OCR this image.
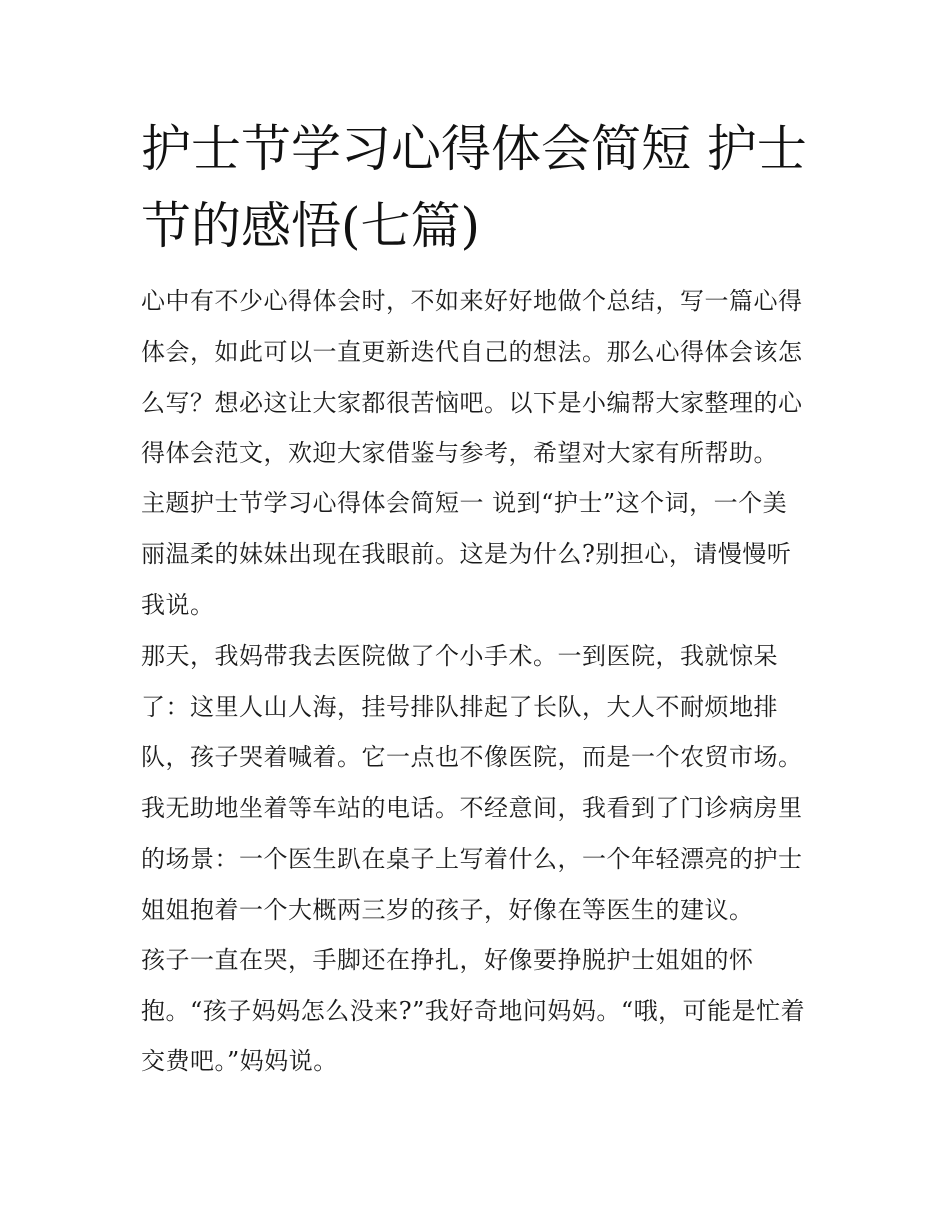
护士节学习心得体会简短 护士
节的感悟(七篇)

心中有不少心得体会时，不如来好好地做个总结，写一篇心得

体会，如此可以一直更新迭代自己的想法。那么心得体会该怎

么写？想必这让大家都很苦恼吧。以下是小编帮大家整理的心

得体会范文，欢迎大家借鉴与参考，希望对大家有所帮助。

主题护士节学习心得体会简短一 说到“护士”这个词，一个美

丽温柔的妹妹出现在我眼前。这是为什么?别担心，请慢慢听

我说。

那天，我妈带我去医院做了个小手术。一到医院，我就惊呆

了：这里人山人海，挂号排队排起了长队，大人不耐烦地排

队，孩子哭着喊着。它一点也不像医院，而是一个农贸市场。

我无助地坐着等车站的电话。不经意间，我看到了门诊病房里

的场景：一个医生趴在桌子上写着什么，一个年轻漂亮的护士

姐姐抱着一个大概两三岁的孩子，好像在等医生的建议。

孩子一直在哭，手脚还在挣扎，好像要挣脱护士姐姐的怀

抱。“孩子妈妈怎么没来?”我好奇地问妈妈。“哦，可能是忙着

交费吧。”妈妈说。
